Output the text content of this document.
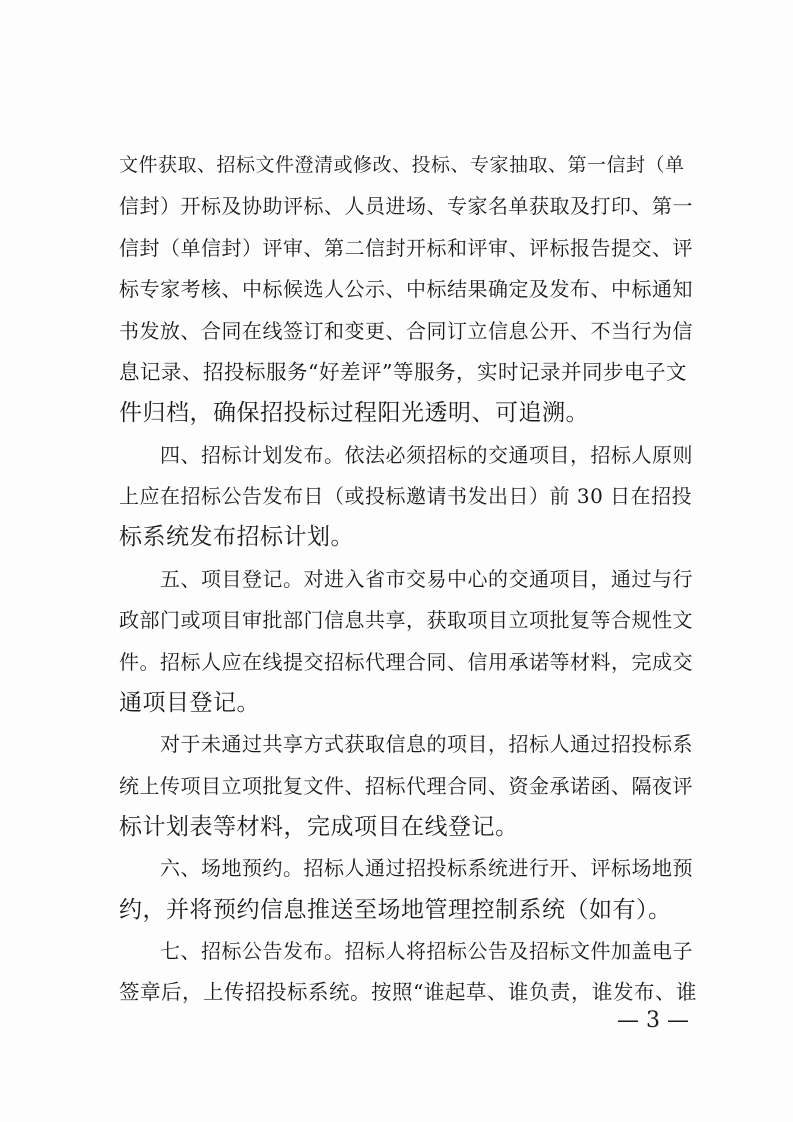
文件获取、招标文件澄清或修改、投标、专家抽取、第一信封（单
信封）开标及协助评标、人员进场、专家名单获取及打印、第一
信封（单信封）评审、第二信封开标和评审、评标报告提交、评
标专家考核、中标候选人公示、中标结果确定及发布、中标通知
书发放、合同在线签订和变更、合同订立信息公开、不当行为信
息记录、招投标服务“好差评”等服务，实时记录并同步电子文
件归档，确保招投标过程阳光透明、可追溯。
　　四、招标计划发布。依法必须招标的交通项目，招标人原则
上应在招标公告发布日（或投标邀请书发出日）前 30 日在招投
标系统发布招标计划。
　　五、项目登记。对进入省市交易中心的交通项目，通过与行
政部门或项目审批部门信息共享，获取项目立项批复等合规性文
件。招标人应在线提交招标代理合同、信用承诺等材料，完成交
通项目登记。
　　对于未通过共享方式获取信息的项目，招标人通过招投标系
统上传项目立项批复文件、招标代理合同、资金承诺函、隔夜评
标计划表等材料，完成项目在线登记。
　　六、场地预约。招标人通过招投标系统进行开、评标场地预
约，并将预约信息推送至场地管理控制系统（如有）。
　　七、招标公告发布。招标人将招标公告及招标文件加盖电子
签章后，上传招投标系统。按照“谁起草、谁负责，谁发布、谁
— 3 —
